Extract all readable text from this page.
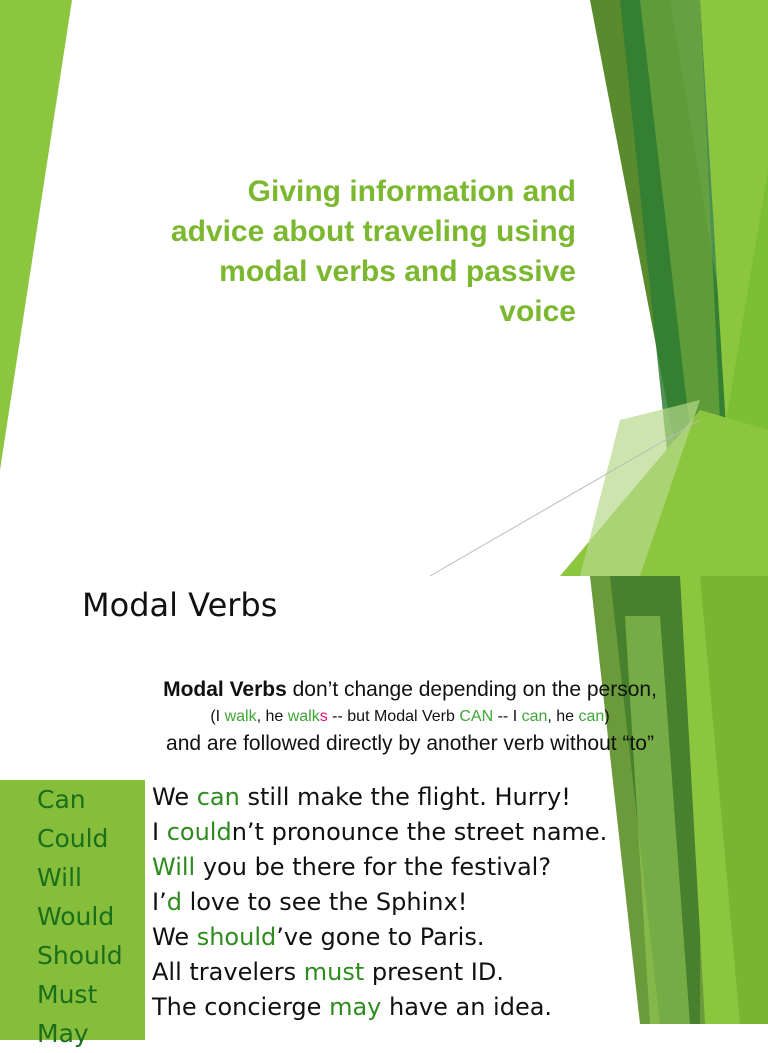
Giving information and
advice about traveling using
modal verbs and passive
voice
Modal Verbs
Modal Verbs don’t change depending on the person,
(I walk, he walks -- but Modal Verb CAN -- I can, he can)
and are followed directly by another verb without “to”
Can
Could
Will
Would
Should
Must
May
We can still make the flight. Hurry!
I couldn’t pronounce the street name.
Will you be there for the festival?
I’d love to see the Sphinx!
We should’ve gone to Paris.
All travelers must present ID.
The concierge may have an idea.
